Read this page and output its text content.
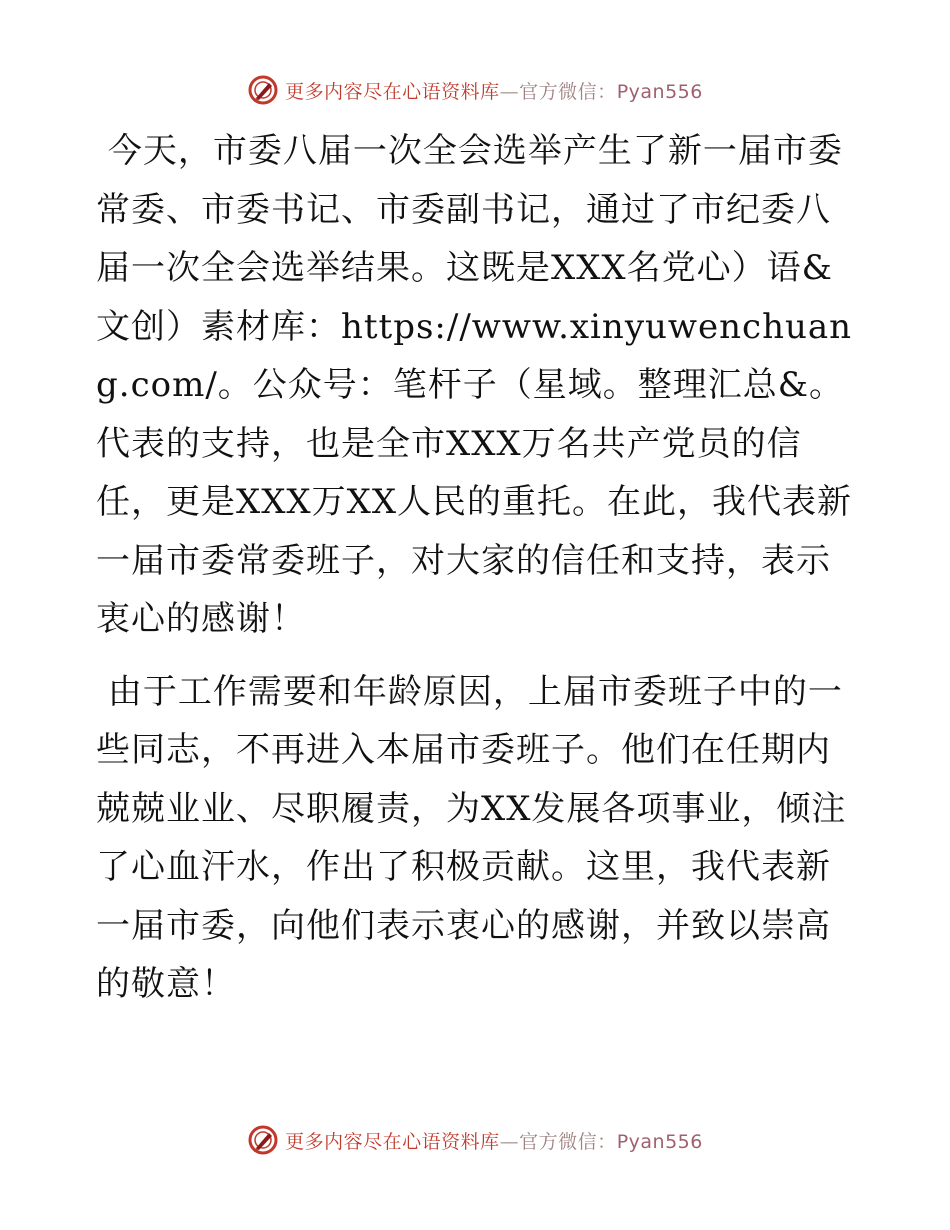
更多内容尽在心语资料库—官方微信：Pyan556

今天，市委八届一次全会选举产生了新一届市委常委、市委书记、市委副书记，通过了市纪委八届一次全会选举结果。这既是XXX名党心）语&文创）素材库：https://www.xinyuwenchuang.com/。公众号：笔杆子（星域。整理汇总&。代表的支持，也是全市XXX万名共产党员的信任，更是XXX万XX人民的重托。在此，我代表新一届市委常委班子，对大家的信任和支持，表示衷心的感谢！

由于工作需要和年龄原因，上届市委班子中的一些同志，不再进入本届市委班子。他们在任期内兢兢业业、尽职履责，为XX发展各项事业，倾注了心血汗水，作出了积极贡献。这里，我代表新一届市委，向他们表示衷心的感谢，并致以崇高的敬意！

更多内容尽在心语资料库—官方微信：Pyan556
